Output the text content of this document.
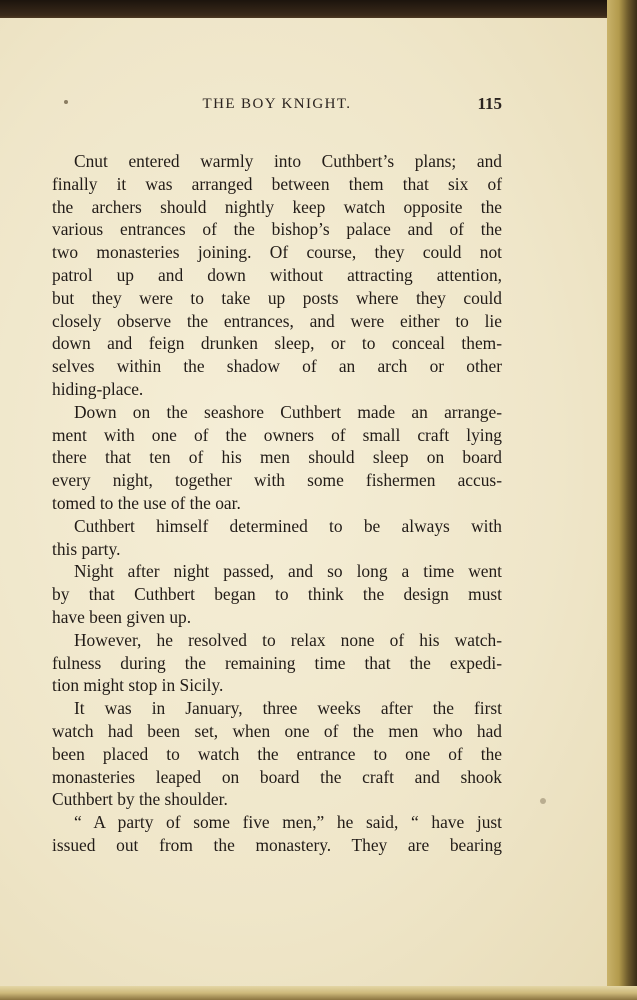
THE BOY KNIGHT.	115
Cnut entered warmly into Cuthbert’s plans; and
finally it was arranged between them that six of
the archers should nightly keep watch opposite the
various entrances of the bishop’s palace and of the
two monasteries joining. Of course, they could not
patrol up and down without attracting attention,
but they were to take up posts where they could
closely observe the entrances, and were either to lie
down and feign drunken sleep, or to conceal them-
selves within the shadow of an arch or other
hiding-place.
Down on the seashore Cuthbert made an arrange-
ment with one of the owners of small craft lying
there that ten of his men should sleep on board
every night, together with some fishermen accus-
tomed to the use of the oar.
Cuthbert himself determined to be always with
this party.
Night after night passed, and so long a time went
by that Cuthbert began to think the design must
have been given up.
However, he resolved to relax none of his watch-
fulness during the remaining time that the expedi-
tion might stop in Sicily.
It was in January, three weeks after the first
watch had been set, when one of the men who had
been placed to watch the entrance to one of the
monasteries leaped on board the craft and shook
Cuthbert by the shoulder.
“ A party of some five men,” he said, “ have just
issued out from the monastery. They are bearing
